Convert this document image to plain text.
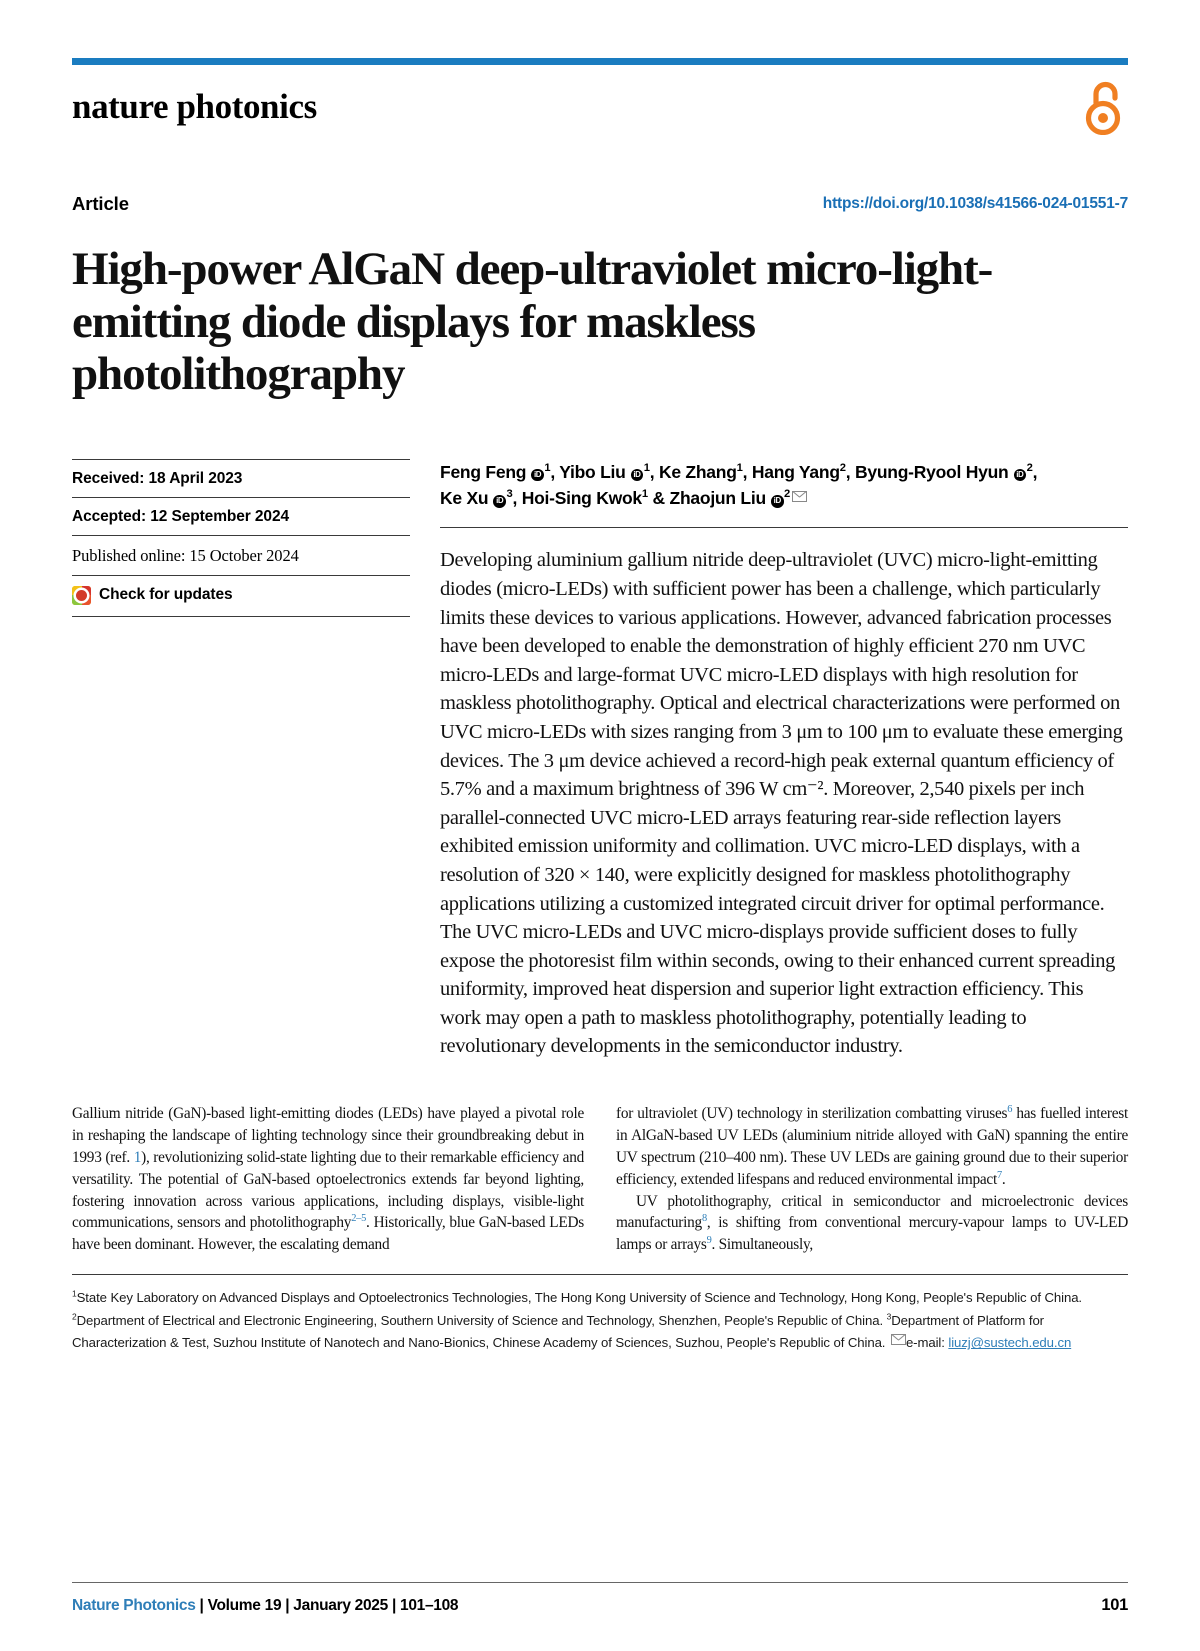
nature photonics
Article	https://doi.org/10.1038/s41566-024-01551-7
High-power AlGaN deep-ultraviolet micro-light-emitting diode displays for maskless photolithography
Received: 18 April 2023
Accepted: 12 September 2024
Published online: 15 October 2024
Check for updates
Feng Feng $iD^1$, Yibo Liu $iD^1$, Ke Zhang$^1$, Hang Yang$^2$, Byung-Ryool Hyun $iD^2$,
Ke Xu $iD^3$, Hoi-Sing Kwok$^1$ & Zhaojun Liu $iD^2$
Developing aluminium gallium nitride deep-ultraviolet (UVC) micro-light-emitting diodes (micro-LEDs) with sufficient power has been a challenge, which particularly limits these devices to various applications. However, advanced fabrication processes have been developed to enable the demonstration of highly efficient 270 nm UVC micro-LEDs and large-format UVC micro-LED displays with high resolution for maskless photolithography. Optical and electrical characterizations were performed on UVC micro-LEDs with sizes ranging from 3 μm to 100 μm to evaluate these emerging devices. The 3 μm device achieved a record-high peak external quantum efficiency of 5.7% and a maximum brightness of 396 W cm⁻². Moreover, 2,540 pixels per inch parallel-connected UVC micro-LED arrays featuring rear-side reflection layers exhibited emission uniformity and collimation. UVC micro-LED displays, with a resolution of 320 × 140, were explicitly designed for maskless photolithography applications utilizing a customized integrated circuit driver for optimal performance. The UVC micro-LEDs and UVC micro-displays provide sufficient doses to fully expose the photoresist film within seconds, owing to their enhanced current spreading uniformity, improved heat dispersion and superior light extraction efficiency. This work may open a path to maskless photolithography, potentially leading to revolutionary developments in the semiconductor industry.

Gallium nitride (GaN)-based light-emitting diodes (LEDs) have played a pivotal role in reshaping the landscape of lighting technology since their groundbreaking debut in 1993 (ref. 1), revolutionizing solid-state lighting due to their remarkable efficiency and versatility. The potential of GaN-based optoelectronics extends far beyond lighting, fostering innovation across various applications, including displays, visible-light communications, sensors and photolithography$^{2-5}$. Historically, blue GaN-based LEDs have been dominant. However, the escalating demand

for ultraviolet (UV) technology in sterilization combatting viruses$^6$ has fuelled interest in AlGaN-based UV LEDs (aluminium nitride alloyed with GaN) spanning the entire UV spectrum (210–400 nm). These UV LEDs are gaining ground due to their superior efficiency, extended lifespans and reduced environmental impact$^7$.

UV photolithography, critical in semiconductor and microelectronic devices manufacturing$^8$, is shifting from conventional mercury-vapour lamps to UV-LED lamps or arrays$^9$. Simultaneously,

$^1$State Key Laboratory on Advanced Displays and Optoelectronics Technologies, The Hong Kong University of Science and Technology, Hong Kong, People's Republic of China. $^2$Department of Electrical and Electronic Engineering, Southern University of Science and Technology, Shenzhen, People's Republic of China. $^3$Department of Platform for Characterization & Test, Suzhou Institute of Nanotech and Nano-Bionics, Chinese Academy of Sciences, Suzhou, People's Republic of China. e-mail: liuzj@sustech.edu.cn
Nature Photonics | Volume 19 | January 2025 | 101–108	101
